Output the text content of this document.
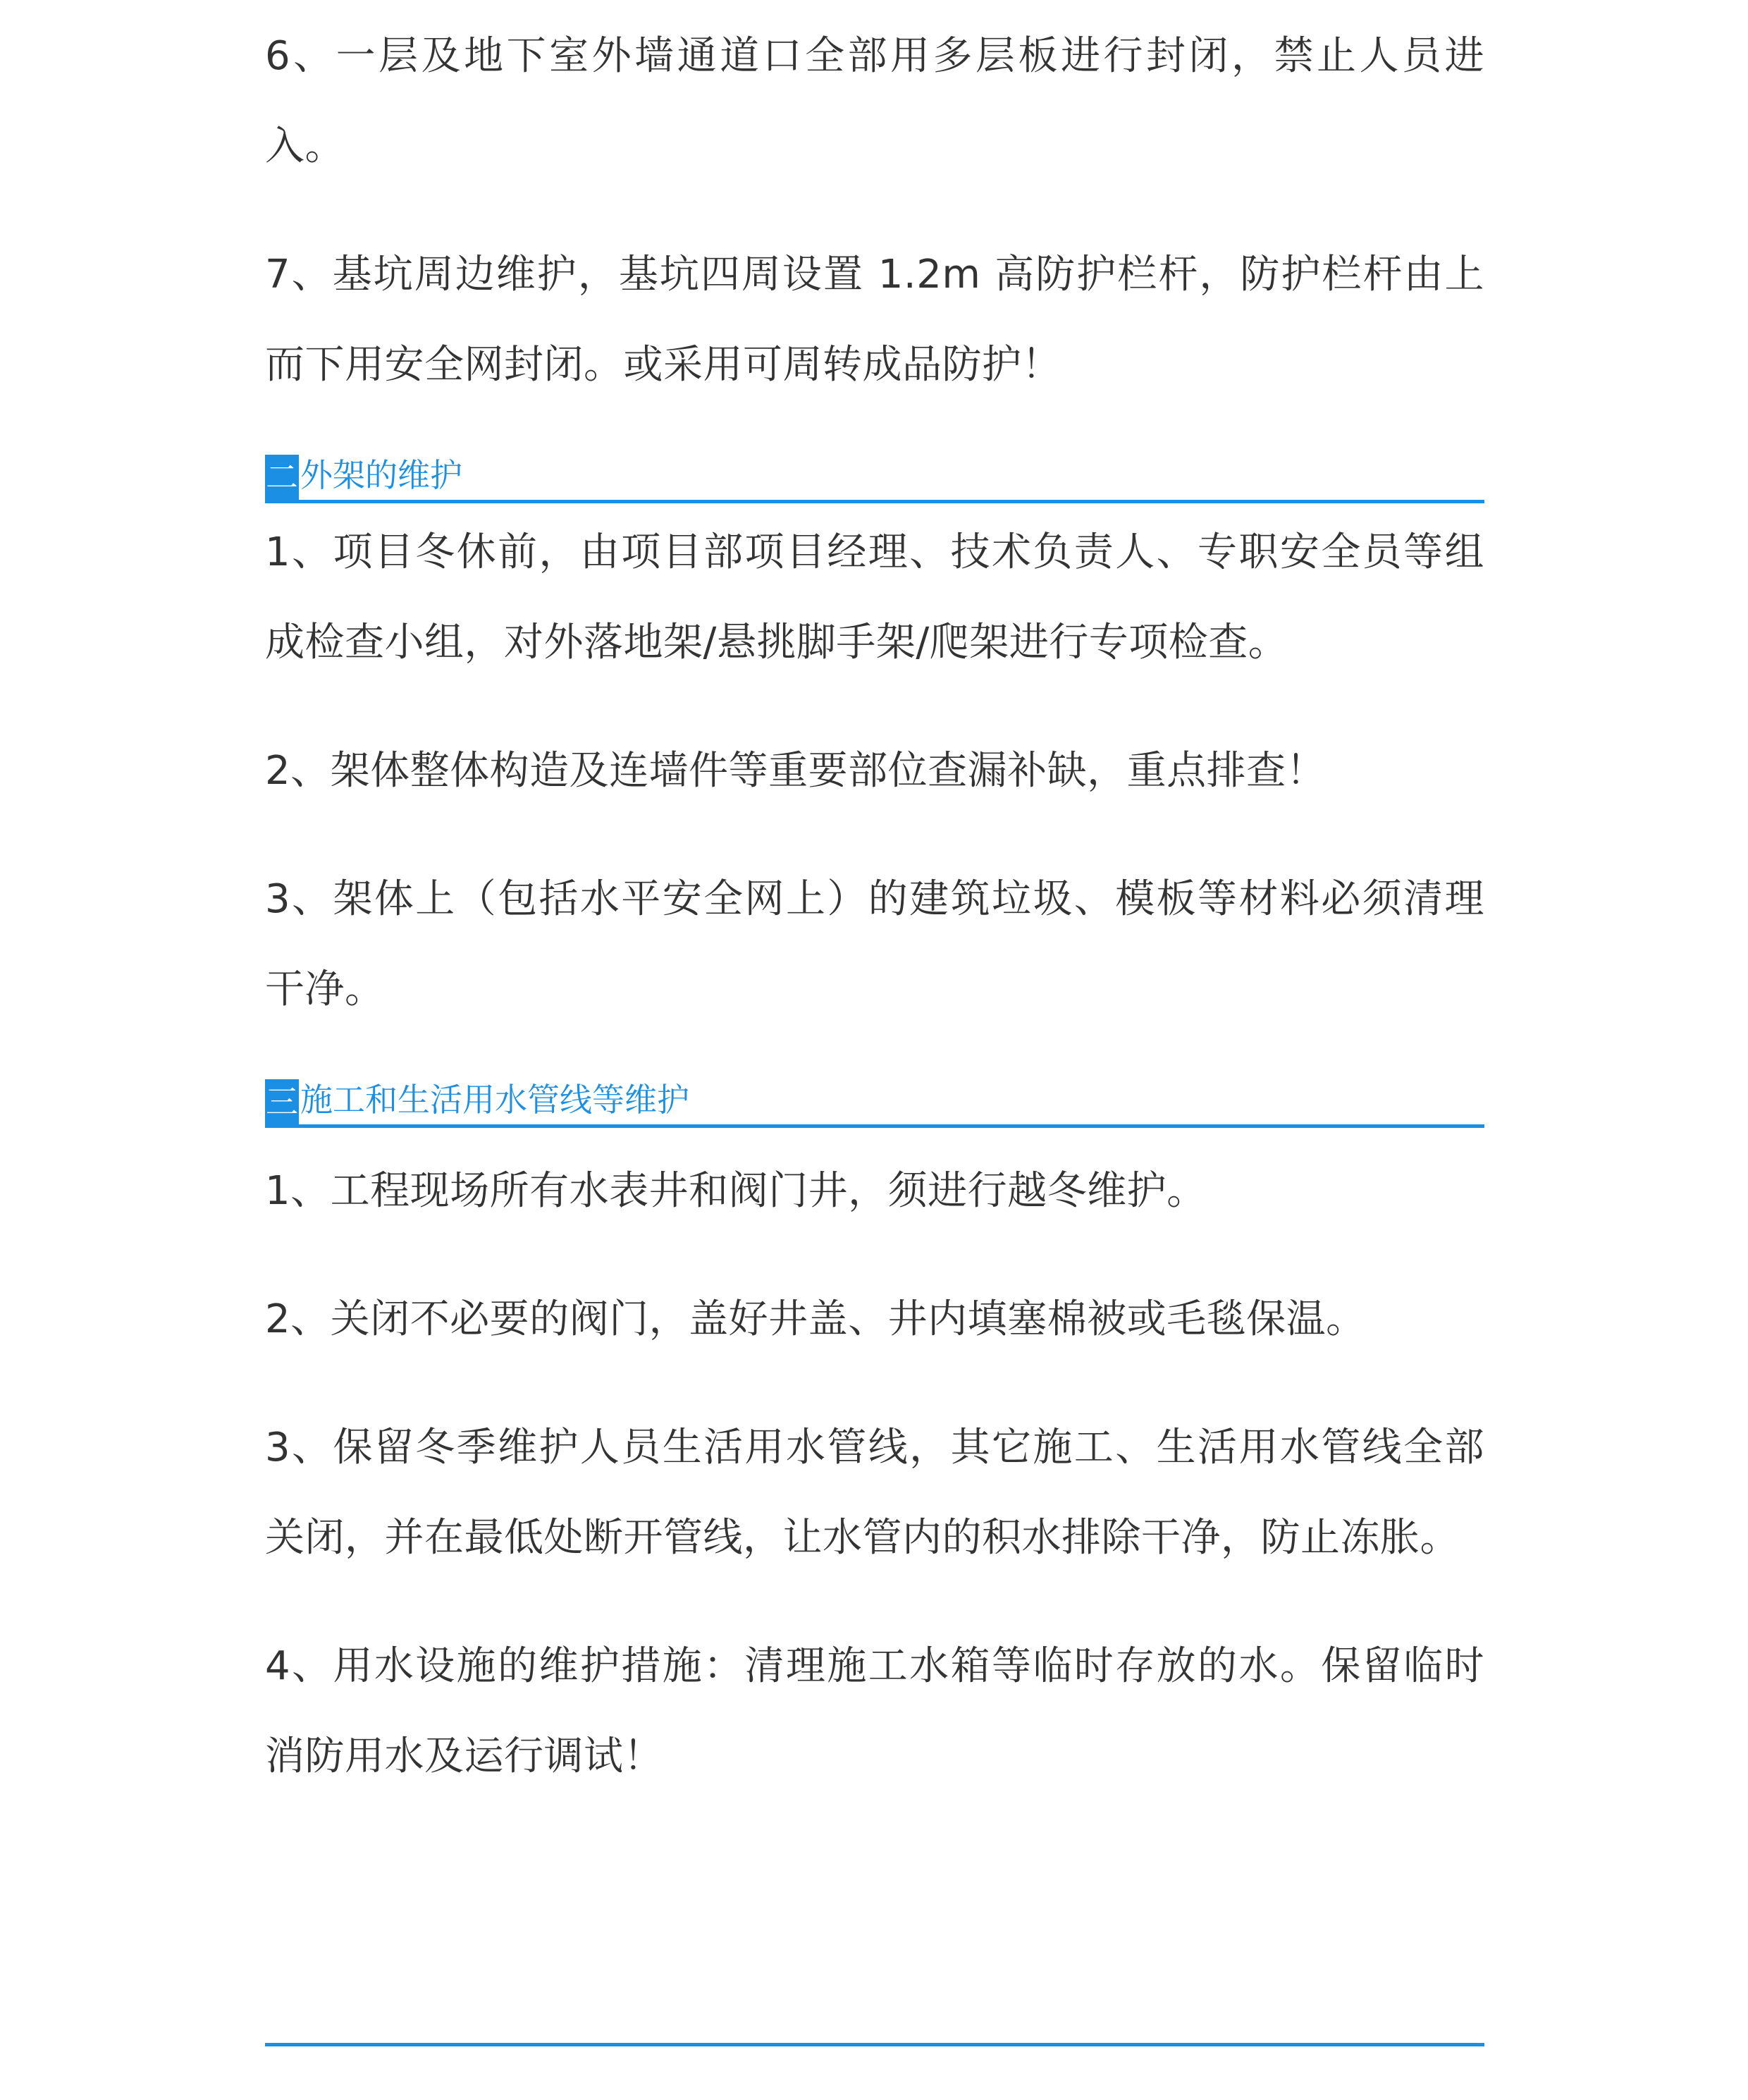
6、一层及地下室外墙通道口全部用多层板进行封闭，禁止人员进入。

7、基坑周边维护，基坑四周设置 1.2m 高防护栏杆，防护栏杆由上而下用安全网封闭。或采用可周转成品防护！

二 外架的维护

1、项目冬休前，由项目部项目经理、技术负责人、专职安全员等组成检查小组，对外落地架/悬挑脚手架/爬架进行专项检查。

2、架体整体构造及连墙件等重要部位查漏补缺，重点排查！

3、架体上（包括水平安全网上）的建筑垃圾、模板等材料必须清理干净。

三 施工和生活用水管线等维护

1、工程现场所有水表井和阀门井，须进行越冬维护。

2、关闭不必要的阀门，盖好井盖、井内填塞棉被或毛毯保温。

3、保留冬季维护人员生活用水管线，其它施工、生活用水管线全部关闭，并在最低处断开管线，让水管内的积水排除干净，防止冻胀。

4、用水设施的维护措施：清理施工水箱等临时存放的水。保留临时消防用水及运行调试！
